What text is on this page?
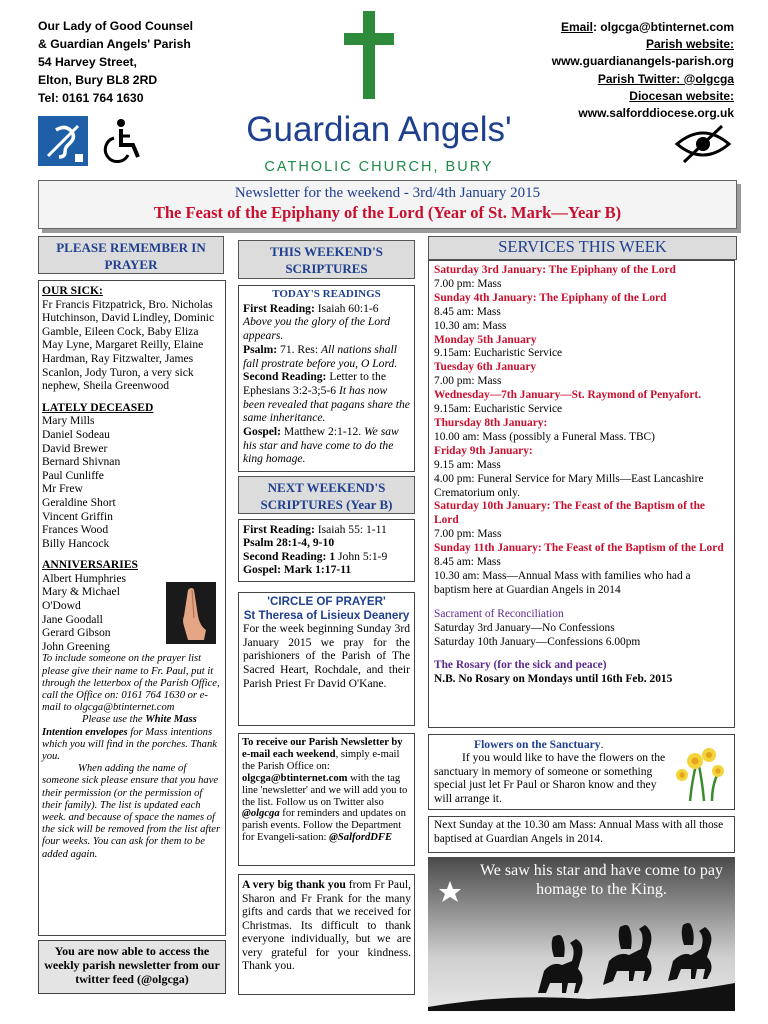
Our Lady of Good Counsel
& Guardian Angels' Parish
54 Harvey Street,
Elton, Bury BL8 2RD
Tel: 0161 764 1630
Email: olgcga@btinternet.com
Parish website:
www.guardianangels-parish.org
Parish Twitter: @olgcga
Diocesan website:
www.salforddiocese.org.uk
Guardian Angels'
CATHOLIC CHURCH, BURY
Newsletter for the weekend - 3rd/4th January 2015
The Feast of the Epiphany of the Lord (Year of St. Mark—Year B)
PLEASE REMEMBER IN PRAYER
OUR SICK:

Fr Francis Fitzpatrick, Bro. Nicholas Hutchinson, David Lindley, Dominic Gamble, Eileen Cock, Baby Eliza May Lyne, Margaret Reilly, Elaine Hardman, Ray Fitzwalter, James Scanlon, Jody Turon, a very sick nephew, Sheila Greenwood

LATELY DECEASED
Mary Mills
Daniel Sodeau
David Brewer
Bernard Shivnan
Paul Cunliffe
Mr Frew
Geraldine Short
Vincent Griffin
Frances Wood
Billy Hancock
ANNIVERSARIES
Albert Humphries
Mary & Michael
O'Dowd
Jane Goodall
Gerard Gibson
John Greening

To include someone on the prayer list please give their name to Fr. Paul, put it through the letterbox of the Parish Office, call the Office on: 0161 764 1630 or e-mail to olgcga@btinternet.com

Please use the White Mass Intention envelopes for Mass intentions which you will find in the porches. Thank you.

When adding the name of someone sick please ensure that you have their permission (or the permission of their family). The list is updated each week. and because of space the names of the sick will be removed from the list after four weeks. You can ask for them to be added again.

You are now able to access the weekly parish newsletter from our twitter feed (@olgcga)
THIS WEEKEND'S SCRIPTURES
TODAY'S READINGS

First Reading: Isaiah 60:1-6

Above you the glory of the Lord appears.

Psalm: 71. Res: All nations shall fall prostrate before you, O Lord.

Second Reading: Letter to the Ephesians 3:2-3;5-6 It has now been revealed that pagans share the same inheritance.

Gospel: Matthew 2:1-12. We saw his star and have come to do the king homage.

NEXT WEEKEND'S SCRIPTURES (Year B)

First Reading: Isaiah 55: 1-11

Psalm 28:1-4, 9-10

Second Reading: 1 John 5:1-9

Gospel: Mark 1:17-11

'CIRCLE OF PRAYER'
St Theresa of Lisieux Deanery

For the week beginning Sunday 3rd January 2015 we pray for the parishioners of the Parish of The Sacred Heart, Rochdale, and their Parish Priest Fr David O'Kane.

To receive our Parish Newsletter by e-mail each weekend, simply e-mail the Parish Office on: olgcga@btinternet.com with the tag line 'newsletter' and we will add you to the list. Follow us on Twitter also @olgcga for reminders and updates on parish events. Follow the Department for Evangeli-sation: @SalfordDFE

A very big thank you from Fr Paul, Sharon and Fr Frank for the many gifts and cards that we received for Christmas. Its difficult to thank everyone individually, but we are very grateful for your kindness. Thank you.

SERVICES THIS WEEK
Saturday 3rd January: The Epiphany of the Lord
7.00 pm: Mass
Sunday 4th January: The Epiphany of the Lord
8.45 am: Mass
10.30 am: Mass
Monday 5th January
9.15am: Eucharistic Service
Tuesday 6th January
7.00 pm: Mass
Wednesday—7th January—St. Raymond of Penyafort.
9.15am: Eucharistic Service
Thursday 8th January:
10.00 am: Mass (possibly a Funeral Mass. TBC)
Friday 9th January:
9.15 am: Mass
4.00 pm: Funeral Service for Mary Mills—East Lancashire Crematorium only.
Saturday 10th January: The Feast of the Baptism of the Lord
7.00 pm: Mass
Sunday 11th January: The Feast of the Baptism of the Lord
8.45 am: Mass
10.30 am: Mass—Annual Mass with families who had a baptism here at Guardian Angels in 2014
Sacrament of Reconciliation
Saturday 3rd January—No Confessions
Saturday 10th January—Confessions 6.00pm
The Rosary (for the sick and peace)
N.B. No Rosary on Mondays until 16th Feb. 2015
Flowers on the Sanctuary.

If you would like to have the flowers on the sanctuary in memory of someone or something special just let Fr Paul or Sharon know and they will arrange it.

Next Sunday at the 10.30 am Mass: Annual Mass with all those baptised at Guardian Angels in 2014.
We saw his star and have come to pay homage to the King.
